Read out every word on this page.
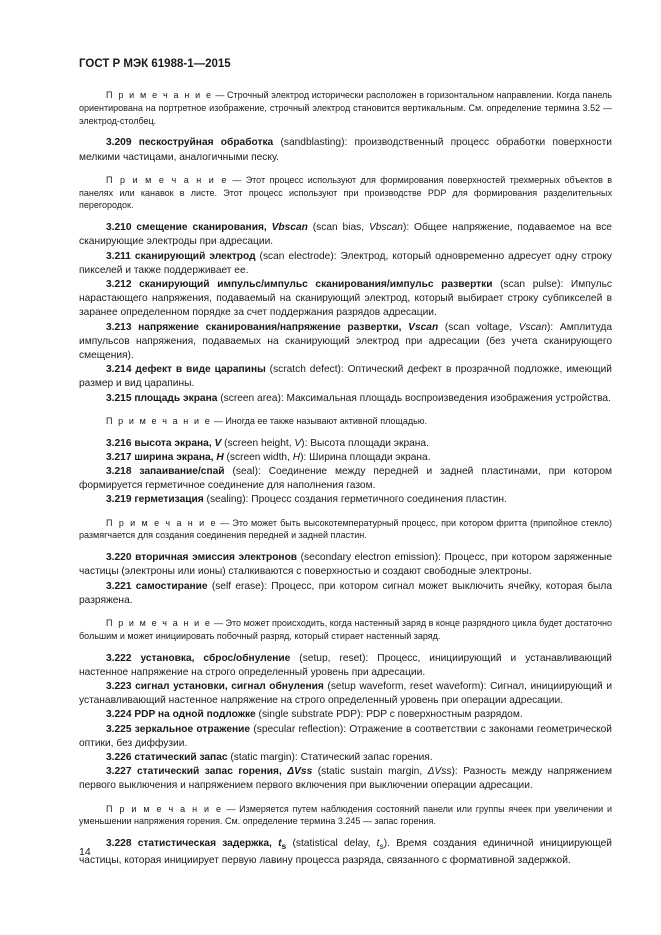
ГОСТ Р МЭК 61988-1—2015

П р и м е ч а н и е — Строчный электрод исторически расположен в горизонтальном направлении. Когда панель ориентирована на портретное изображение, строчный электрод становится вертикальным. См. определение термина 3.52 — электрод-столбец.

3.209 пескоструйная обработка (sandblasting): производственный процесс обработки поверхности мелкими частицами, аналогичными песку.

П р и м е ч а н и е — Этот процесс используют для формирования поверхностей трехмерных объектов в панелях или канавок в листе. Этот процесс используют при производстве PDP для формирования разделительных перегородок.

3.210 смещение сканирования, Vbscan (scan bias, Vbscan): Общее напряжение, подаваемое на все сканирующие электроды при адресации.

3.211 сканирующий электрод (scan electrode): Электрод, который одновременно адресует одну строку пикселей и также поддерживает ее.

3.212 сканирующий импульс/импульс сканирования/импульс развертки (scan pulse): Импульс нарастающего напряжения, подаваемый на сканирующий электрод, который выбирает строку субпикселей в заранее определенном порядке за счет поддержания разрядов адресации.

3.213 напряжение сканирования/напряжение развертки, Vscan (scan voltage, Vscan): Амплитуда импульсов напряжения, подаваемых на сканирующий электрод при адресации (без учета сканирующего смещения).

3.214 дефект в виде царапины (scratch defect): Оптический дефект в прозрачной подложке, имеющий размер и вид царапины.

3.215 площадь экрана (screen area): Максимальная площадь воспроизведения изображения устройства.

П р и м е ч а н и е — Иногда ее также называют активной площадью.

3.216 высота экрана, V (screen height, V): Высота площади экрана.

3.217 ширина экрана, H (screen width, H): Ширина площади экрана.

3.218 запаивание/спай (seal): Соединение между передней и задней пластинами, при котором формируется герметичное соединение для наполнения газом.

3.219 герметизация (sealing): Процесс создания герметичного соединения пластин.

П р и м е ч а н и е — Это может быть высокотемпературный процесс, при котором фритта (припойное стекло) размягчается для создания соединения передней и задней пластин.

3.220 вторичная эмиссия электронов (secondary electron emission): Процесс, при котором заряженные частицы (электроны или ионы) сталкиваются с поверхностью и создают свободные электроны.

3.221 самостирание (self erase): Процесс, при котором сигнал может выключить ячейку, которая была разряжена.

П р и м е ч а н и е — Это может происходить, когда настенный заряд в конце разрядного цикла будет достаточно большим и может инициировать побочный разряд, который стирает настенный заряд.

3.222 установка, сброс/обнуление (setup, reset): Процесс, инициирующий и устанавливающий настенное напряжение на строго определенный уровень при адресации.

3.223 сигнал установки, сигнал обнуления (setup waveform, reset waveform): Сигнал, инициирующий и устанавливающий настенное напряжение на строго определенный уровень при операции адресации.

3.224 PDP на одной подложке (single substrate PDP): PDP с поверхностным разрядом.

3.225 зеркальное отражение (specular reflection): Отражение в соответствии с законами геометрической оптики, без диффузии.

3.226 статический запас (static margin): Статический запас горения.

3.227 статический запас горения, ΔVss (static sustain margin, ΔVss): Разность между напряжением первого выключения и напряжением первого включения при выключении операции адресации.

П р и м е ч а н и е — Измеряется путем наблюдения состояний панели или группы ячеек при увеличении и уменьшении напряжения горения. См. определение термина 3.245 — запас горения.

3.228 статистическая задержка, $t_s$ (statistical delay, $t_s$). Время создания единичной инициирующей частицы, которая инициирует первую лавину процесса разряда, связанного с формативной задержкой.

14
